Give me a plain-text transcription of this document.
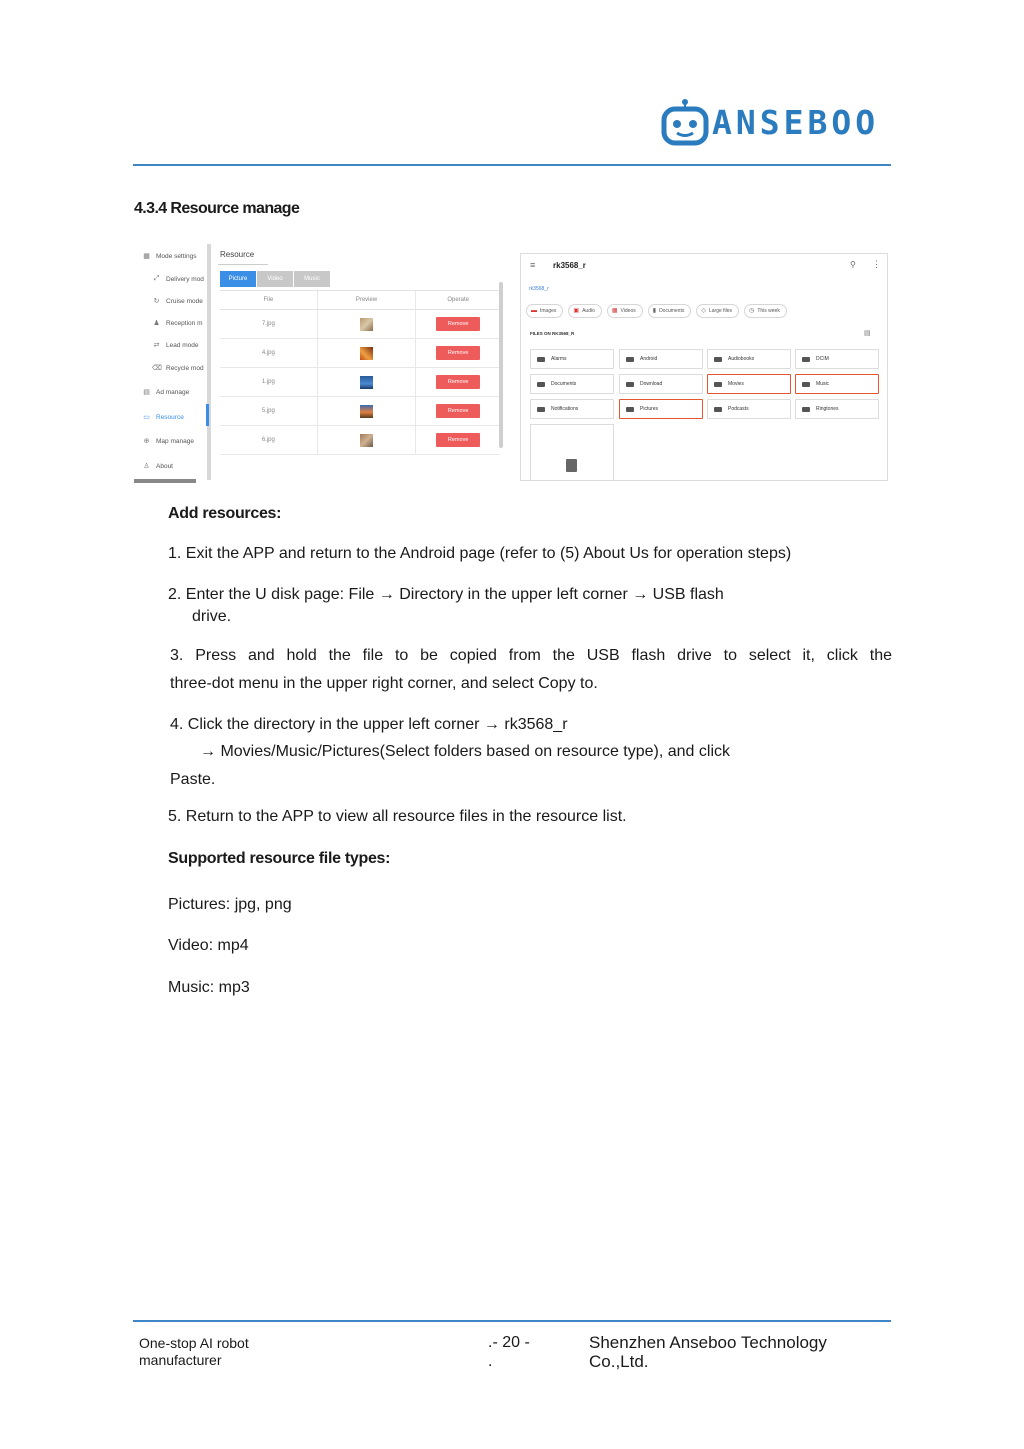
ANSEBOO
4.3.4 Resource manage
▦ Mode settings
⤢ Delivery mod
↻ Cruise mode
♟ Reception m
⇄ Lead mode
⌫ Recycle mod
▤ Ad manage
▭ Resource
⊕ Map manage
♙ About
Resource
Picture	Video	Music
File	Preview	Operate
7.jpg	Remove
4.jpg	Remove
1.jpg	Remove
5.jpg	Remove
6.jpg	Remove
≡ rk3568_r	⚲ ⋮
rk3568_r
▬ Images	▣ Audio	▦ Videos	▮ Documents	◇ Large files	◷ This week
FILES ON RK3568_R	▤
Alarms	Android	Audiobooks	DCIM
Documents	Download	Movies	Music
Notifications	Pictures	Podcasts	Ringtones
Add resources:
1. Exit the APP and return to the Android page (refer to (5) About Us for operation steps)
2. Enter the U disk page: File → Directory in the upper left corner → USB flash
drive.
3. Press and hold the file to be copied from the USB flash drive to select it, click the
three-dot menu in the upper right corner, and select Copy to.
4. Click the directory in the upper left corner → rk3568_r
→ Movies/Music/Pictures(Select folders based on resource type), and click
Paste.
5. Return to the APP to view all resource files in the resource list.
Supported resource file types:
Pictures: jpg, png
Video: mp4
Music: mp3
One-stop AI robot
manufacturer
.- 20 -
.
Shenzhen Anseboo Technology
Co.,Ltd.
